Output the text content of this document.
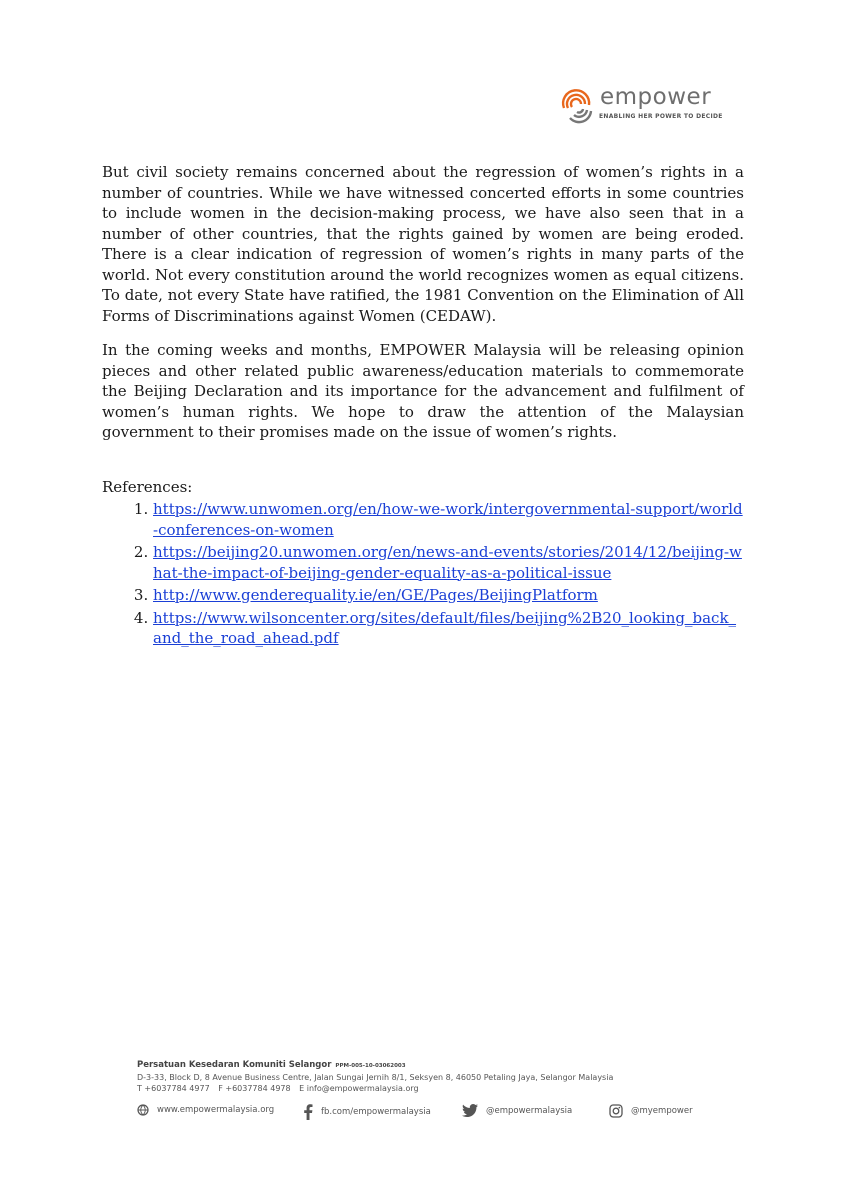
empower
ENABLING HER POWER TO DECIDE

But civil society remains concerned about the regression of women’s rights in a number of countries. While we have witnessed concerted efforts in some countries to include women in the decision-making process, we have also seen that in a number of other countries, that the rights gained by women are being eroded. There is a clear indication of regression of women’s rights in many parts of the world. Not every constitution around the world recognizes women as equal citizens. To date, not every State have ratified, the 1981 Convention on the Elimination of All Forms of Discriminations against Women (CEDAW).

In the coming weeks and months, EMPOWER Malaysia will be releasing opinion pieces and other related public awareness/education materials to commemorate the Beijing Declaration and its importance for the advancement and fulfilment of women’s human rights. We hope to draw the attention of the Malaysian government to their promises made on the issue of women’s rights.

References:
1. https://www.unwomen.org/en/how-we-work/intergovernmental-support/world-conferences-on-women
2. https://beijing20.unwomen.org/en/news-and-events/stories/2014/12/beijing-what-the-impact-of-beijing-gender-equality-as-a-political-issue
3. http://www.genderequality.ie/en/GE/Pages/BeijingPlatform
4. https://www.wilsoncenter.org/sites/default/files/beijing%2B20_looking_back_and_the_road_ahead.pdf
Persatuan Kesedaran Komuniti Selangor PPM-005-10-03062003
D-3-33, Block D, 8 Avenue Business Centre, Jalan Sungai Jernih 8/1, Seksyen 8, 46050 Petaling Jaya, Selangor Malaysia
T +6037784 4977 F +6037784 4978 E info@empowermalaysia.org
www.empowermalaysia.org	fb.com/empowermalaysia	@empowermalaysia	@myempower
